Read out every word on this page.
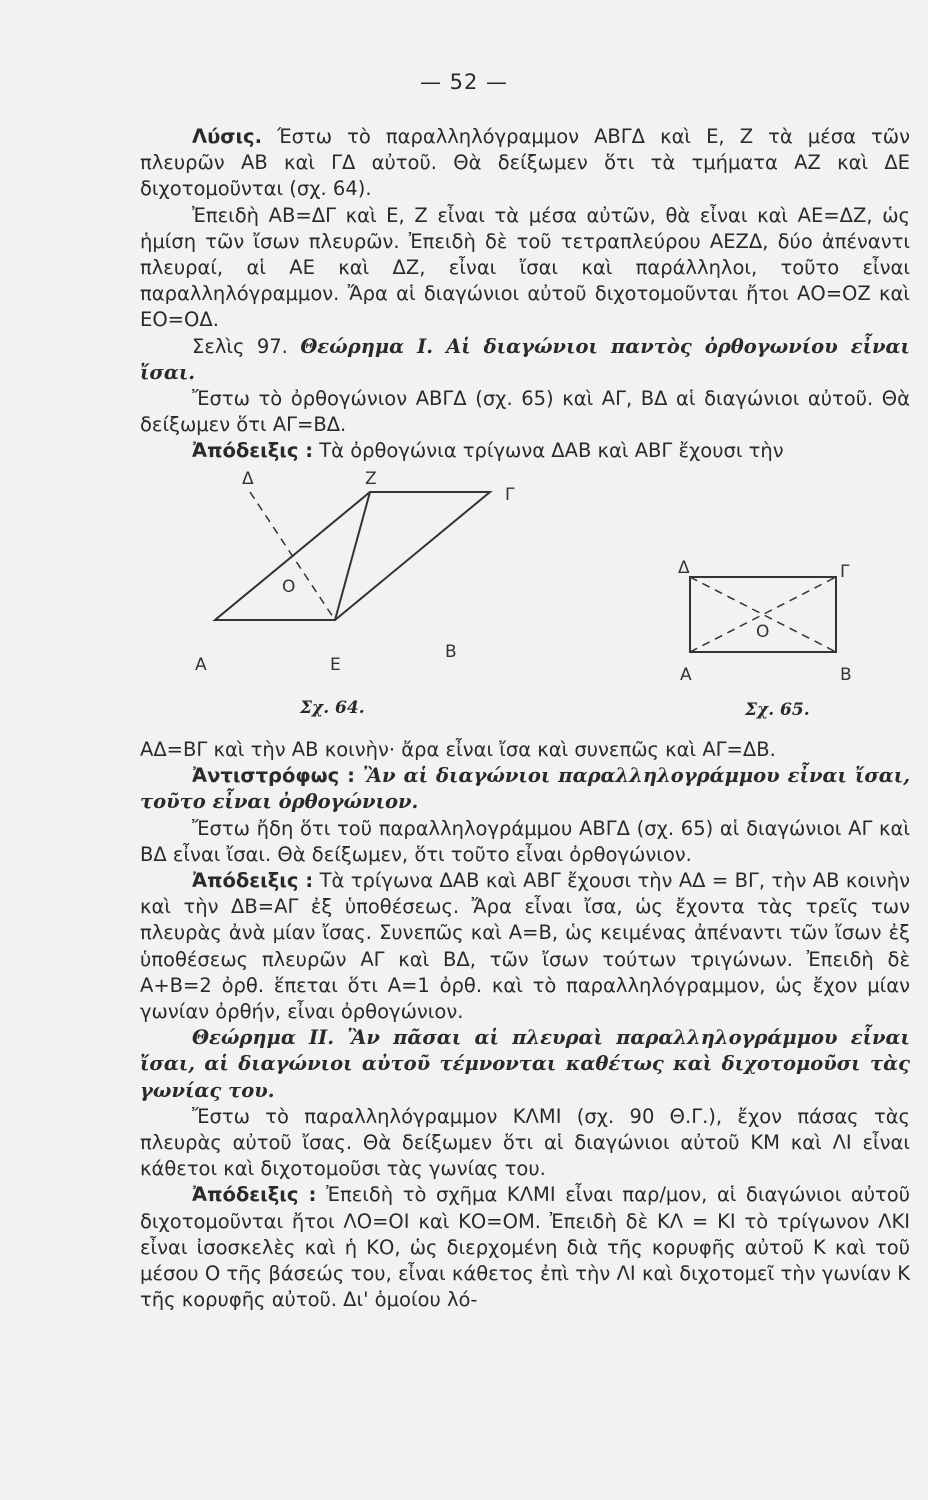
— 52 —

Λύσις. Έστω τὸ παραλληλόγραμμον ΑΒΓΔ καὶ Ε, Ζ τὰ μέσα τῶν πλευρῶν ΑΒ καὶ ΓΔ αὐτοῦ. Θὰ δείξωμεν ὅτι τὰ τμήματα ΑΖ καὶ ΔΕ διχοτομοῦνται (σχ. 64).

Ἐπειδὴ ΑΒ=ΔΓ καὶ Ε, Ζ εἶναι τὰ μέσα αὐτῶν, θὰ εἶναι καὶ ΑΕ=ΔΖ, ὡς ἡμίση τῶν ἴσων πλευρῶν. Ἐπειδὴ δὲ τοῦ τετραπλεύρου ΑΕΖΔ, δύο ἀπέναντι πλευραί, αἱ ΑΕ καὶ ΔΖ, εἶναι ἴσαι καὶ παράλληλοι, τοῦτο εἶναι παραλληλόγραμμον. Ἄρα αἱ διαγώνιοι αὐτοῦ διχοτομοῦνται ἤτοι ΑΟ=ΟΖ καὶ ΕΟ=ΟΔ.

Σελὶς 97. Θεώρημα Ι. Αἱ διαγώνιοι παντὸς ὀρθογωνίου εἶναι ἴσαι.

Ἔστω τὸ ὀρθογώνιον ΑΒΓΔ (σχ. 65) καὶ ΑΓ, ΒΔ αἱ διαγώνιοι αὐτοῦ. Θὰ δείξωμεν ὅτι ΑΓ=ΒΔ.

Ἀπόδειξις : Τὰ ὀρθογώνια τρίγωνα ΔΑΒ καὶ ΑΒΓ ἔχουσι τὴν

Δ	Ζ
Γ
Ο
Α	Ε
Β
Σχ. 64.
Δ	Γ
Ο
Α	Β
Σχ. 65.

ΑΔ=ΒΓ καὶ τὴν ΑΒ κοινὴν· ἄρα εἶναι ἴσα καὶ συνεπῶς καὶ ΑΓ=ΔΒ.

Ἀντιστρόφως : Ἂν αἱ διαγώνιοι παραλληλογράμμου εἶναι ἴσαι, τοῦτο εἶναι ὀρθογώνιον.

Ἔστω ἤδη ὅτι τοῦ παραλληλογράμμου ΑΒΓΔ (σχ. 65) αἱ διαγώνιοι ΑΓ καὶ ΒΔ εἶναι ἴσαι. Θὰ δείξωμεν, ὅτι τοῦτο εἶναι ὀρθογώνιον.

Ἀπόδειξις : Τὰ τρίγωνα ΔΑΒ καὶ ΑΒΓ ἔχουσι τὴν ΑΔ = ΒΓ, τὴν ΑΒ κοινὴν καὶ τὴν ΔΒ=ΑΓ ἐξ ὑποθέσεως. Ἄρα εἶναι ἴσα, ὡς ἔχοντα τὰς τρεῖς των πλευρὰς ἀνὰ μίαν ἴσας. Συνεπῶς καὶ Α=Β, ὡς κειμένας ἀπέναντι τῶν ἴσων ἐξ ὑποθέσεως πλευρῶν ΑΓ καὶ ΒΔ, τῶν ἴσων τούτων τριγώνων. Ἐπειδὴ δὲ Α+Β=2 ὀρθ. ἕπεται ὅτι Α=1 ὀρθ. καὶ τὸ παραλληλόγραμμον, ὡς ἔχον μίαν γωνίαν ὀρθήν, εἶναι ὀρθογώνιον.

Θεώρημα ΙΙ. Ἂν πᾶσαι αἱ πλευραὶ παραλληλογράμμου εἶναι ἴσαι, αἱ διαγώνιοι αὐτοῦ τέμνονται καθέτως καὶ διχοτομοῦσι τὰς γωνίας του.

Ἔστω τὸ παραλληλόγραμμον ΚΛΜΙ (σχ. 90 Θ.Γ.), ἔχον πάσας τὰς πλευρὰς αὐτοῦ ἴσας. Θὰ δείξωμεν ὅτι αἱ διαγώνιοι αὐτοῦ ΚΜ καὶ ΛΙ εἶναι κάθετοι καὶ διχοτομοῦσι τὰς γωνίας του.

Ἀπόδειξις : Ἐπειδὴ τὸ σχῆμα ΚΛΜΙ εἶναι παρ/μον, αἱ διαγώνιοι αὐτοῦ διχοτομοῦνται ἤτοι ΛΟ=ΟΙ καὶ ΚΟ=ΟΜ. Ἐπειδὴ δὲ ΚΛ = ΚΙ τὸ τρίγωνον ΛΚΙ εἶναι ἰσοσκελὲς καὶ ἡ ΚΟ, ὡς διερχομένη διὰ τῆς κορυφῆς αὐτοῦ Κ καὶ τοῦ μέσου Ο τῆς βάσεώς του, εἶναι κάθετος ἐπὶ τὴν ΛΙ καὶ διχοτομεῖ τὴν γωνίαν Κ τῆς κορυφῆς αὐτοῦ. Δι' ὁμοίου λό-
